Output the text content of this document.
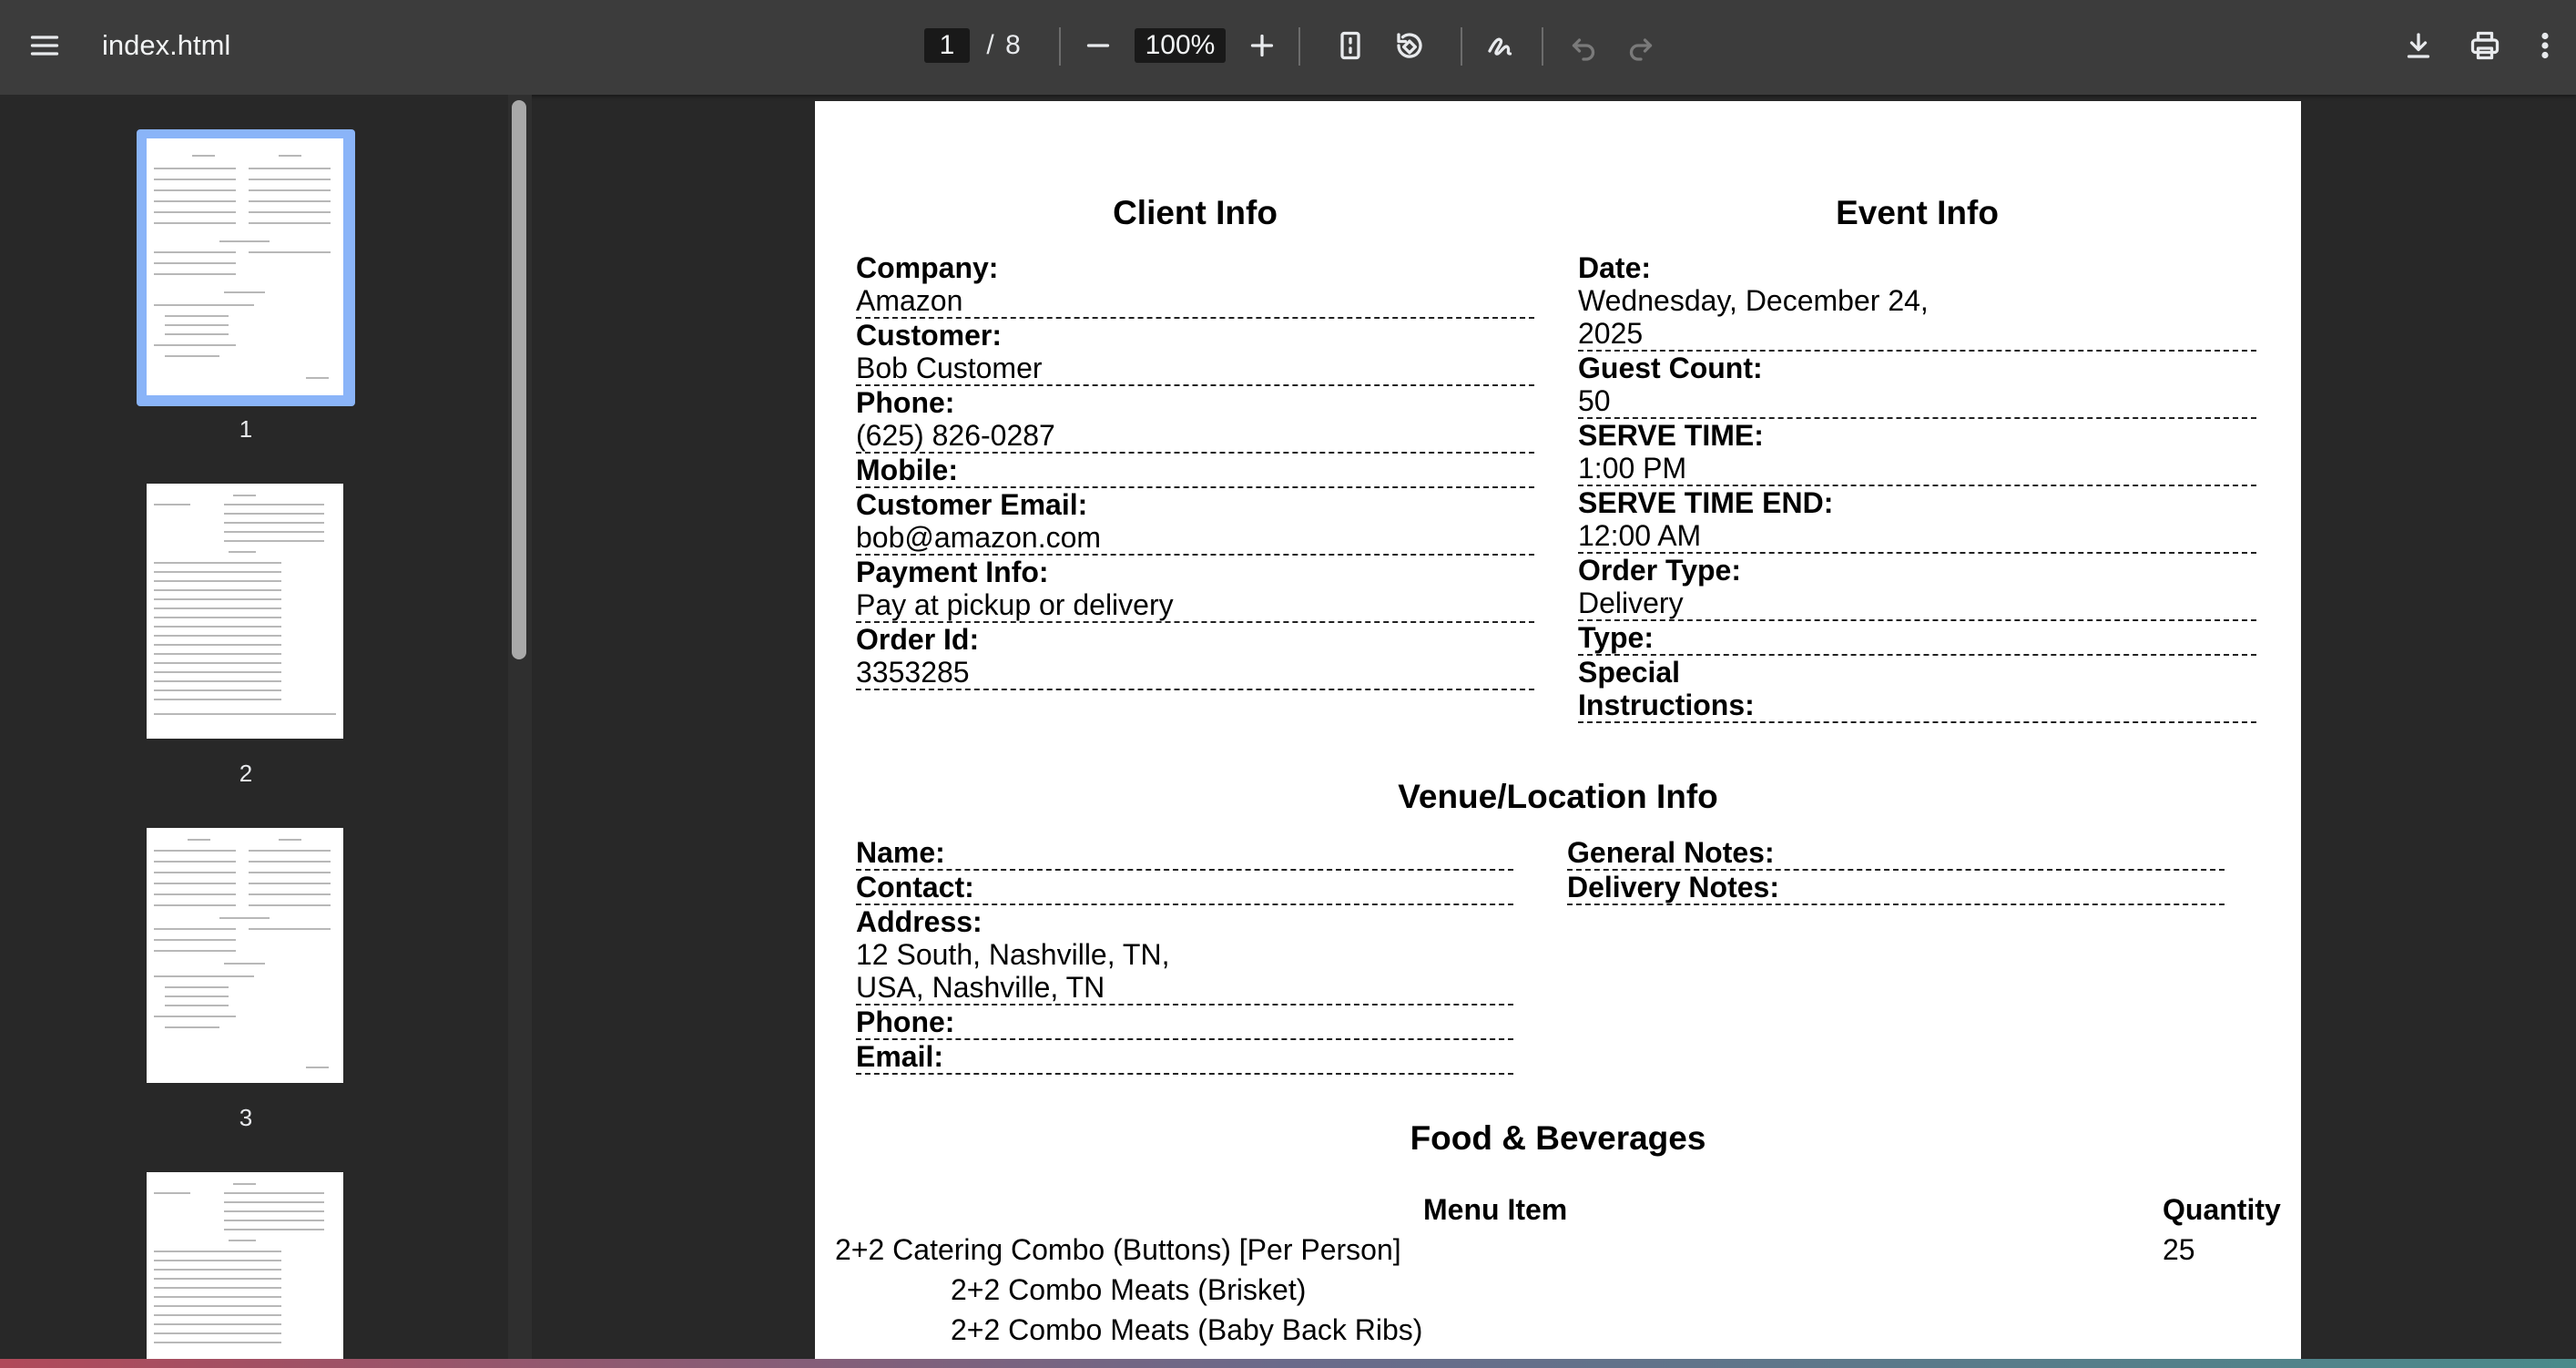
index.html	1	/ 8	100%
1
2
3
Client Info	Event Info
Company:
Amazon
Customer:
Bob Customer
Phone:
(625) 826-0287
Mobile:
Customer Email:
bob@amazon.com
Payment Info:
Pay at pickup or delivery
Order Id:
3353285
Date:
Wednesday, December 24,
2025
Guest Count:
50
SERVE TIME:
1:00 PM
SERVE TIME END:
12:00 AM
Order Type:
Delivery
Type:
Special
Instructions:
Venue/Location Info
Name:
Contact:
Address:
12 South, Nashville, TN,
USA, Nashville, TN
Phone:
Email:
General Notes:
Delivery Notes:
Food & Beverages
Menu Item	Quantity
2+2 Catering Combo (Buttons) [Per Person]	25
2+2 Combo Meats (Brisket)
2+2 Combo Meats (Baby Back Ribs)
